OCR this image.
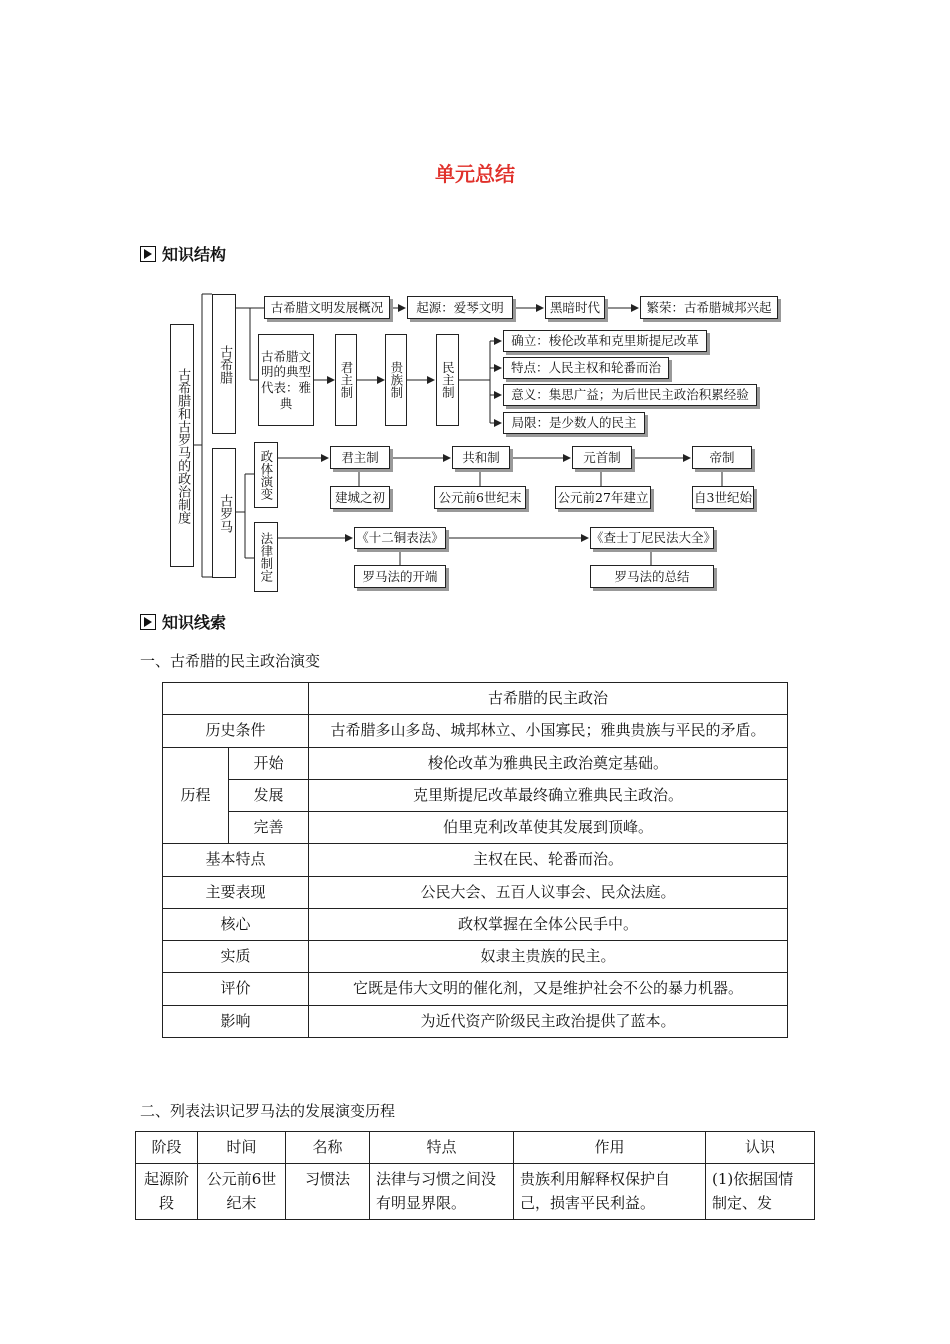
单元总结
知识结构
古希腊和古罗马的政治制度
古希腊
古罗马
古希腊文明发展概况	起源：爱琴文明	黑暗时代	繁荣：古希腊城邦兴起
古希腊文明的典型代表：雅典
君主制	贵族制	民主制
确立：梭伦改革和克里斯提尼改革
特点：人民主权和轮番而治
意义：集思广益；为后世民主政治积累经验
局限：是少数人的民主
政体演变
法律制定
君主制	共和制	元首制	帝制
建城之初	公元前6世纪末	公元前27年建立	自3世纪始
《十二铜表法》	《查士丁尼民法大全》
罗马法的开端	罗马法的总结
知识线索
一、古希腊的民主政治演变
		古希腊的民主政治
历史条件		古希腊多山多岛、城邦林立、小国寡民；雅典贵族与平民的矛盾。
历程	开始	梭伦改革为雅典民主政治奠定基础。
	发展	克里斯提尼改革最终确立雅典民主政治。
	完善	伯里克利改革使其发展到顶峰。
基本特点		主权在民、轮番而治。
主要表现		公民大会、五百人议事会、民众法庭。
核心		政权掌握在全体公民手中。
实质		奴隶主贵族的民主。
评价		它既是伟大文明的催化剂，又是维护社会不公的暴力机器。
影响		为近代资产阶级民主政治提供了蓝本。
二、列表法识记罗马法的发展演变历程
阶段	时间	名称	特点	作用	认识
起源阶段	公元前6世纪末	习惯法	法律与习惯之间没有明显界限。	贵族利用解释权保护自己，损害平民利益。	(1)依据国情制定、发
